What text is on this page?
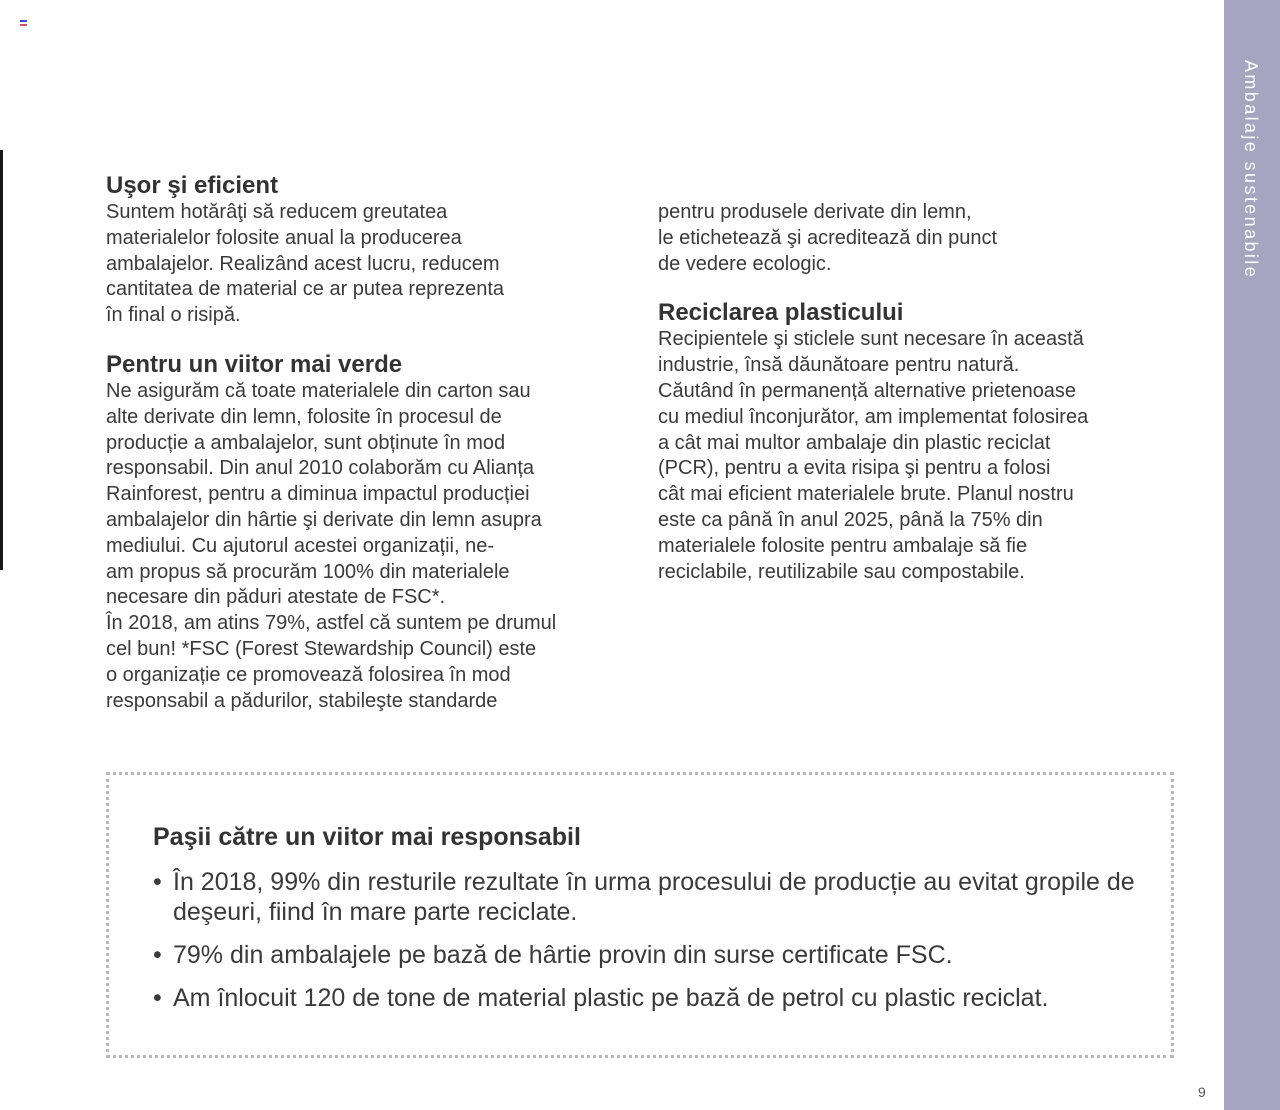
Ambalaje sustenabile
Uşor şi eficient

Suntem hotărâţi să reducem greutatea
materialelor folosite anual la producerea
ambalajelor. Realizând acest lucru, reducem
cantitatea de material ce ar putea reprezenta
în final o risipă.

Pentru un viitor mai verde

Ne asigurăm că toate materialele din carton sau
alte derivate din lemn, folosite în procesul de
producție a ambalajelor, sunt obținute în mod
responsabil. Din anul 2010 colaborăm cu Alianța
Rainforest, pentru a diminua impactul producției
ambalajelor din hârtie şi derivate din lemn asupra
mediului. Cu ajutorul acestei organizații, ne-
am propus să procurăm 100% din materialele
necesare din păduri atestate de FSC*.
În 2018, am atins 79%, astfel că suntem pe drumul
cel bun! *FSC (Forest Stewardship Council) este
o organizație ce promovează folosirea în mod
responsabil a pădurilor, stabileşte standarde

pentru produsele derivate din lemn,
le etichetează şi acreditează din punct
de vedere ecologic.

Reciclarea plasticului

Recipientele şi sticlele sunt necesare în această
industrie, însă dăunătoare pentru natură.
Căutând în permanență alternative prietenoase
cu mediul înconjurător, am implementat folosirea
a cât mai multor ambalaje din plastic reciclat
(PCR), pentru a evita risipa şi pentru a folosi
cât mai eficient materialele brute. Planul nostru
este ca până în anul 2025, până la 75% din
materialele folosite pentru ambalaje să fie
reciclabile, reutilizabile sau compostabile.

Paşii către un viitor mai responsabil
• În 2018, 99% din resturile rezultate în urma procesului de producție au evitat gropile de deşeuri, fiind în mare parte reciclate.
• 79% din ambalajele pe bază de hârtie provin din surse certificate FSC.
• Am înlocuit 120 de tone de material plastic pe bază de petrol cu plastic reciclat.
9
